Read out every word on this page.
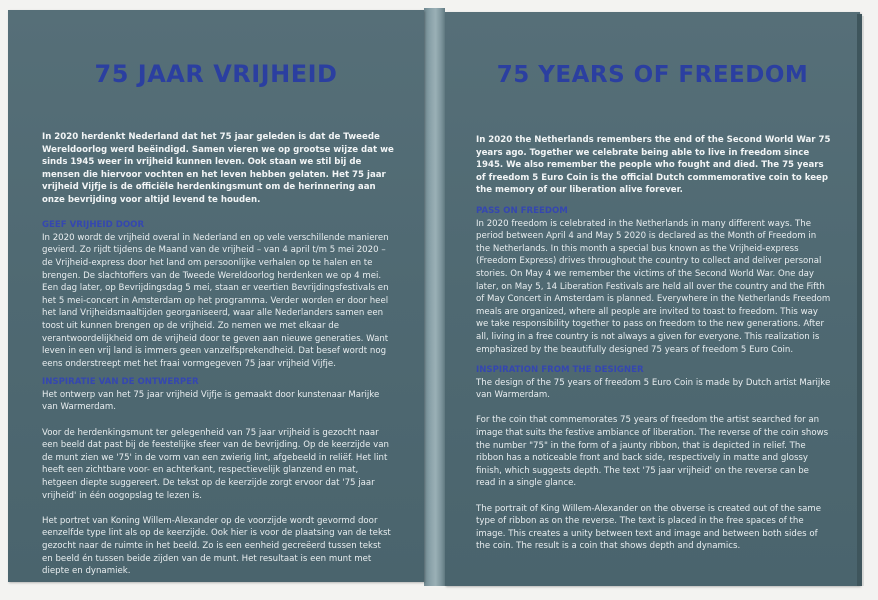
75 JAAR VRIJHEID

In 2020 herdenkt Nederland dat het 75 jaar geleden is dat de Tweede Wereldoorlog werd beëindigd. Samen vieren we op grootse wijze dat we sinds 1945 weer in vrijheid kunnen leven. Ook staan we stil bij de mensen die hiervoor vochten en het leven hebben gelaten. Het 75 jaar vrijheid Vijfje is de officiële herdenkingsmunt om de herinnering aan onze bevrijding voor altijd levend te houden.

GEEF VRIJHEID DOOR

In 2020 wordt de vrijheid overal in Nederland en op vele verschillende manieren gevierd. Zo rijdt tijdens de Maand van de vrijheid – van 4 april t/m 5 mei 2020 – de Vrijheid-express door het land om persoonlijke verhalen op te halen en te brengen. De slachtoffers van de Tweede Wereldoorlog herdenken we op 4 mei. Een dag later, op Bevrijdingsdag 5 mei, staan er veertien Bevrijdingsfestivals en het 5 mei-concert in Amsterdam op het programma. Verder worden er door heel het land Vrijheidsmaaltijden georganiseerd, waar alle Nederlanders samen een toost uit kunnen brengen op de vrijheid. Zo nemen we met elkaar de verantwoordelijkheid om de vrijheid door te geven aan nieuwe generaties. Want leven in een vrij land is immers geen vanzelfsprekendheid. Dat besef wordt nog eens onderstreept met het fraai vormgegeven 75 jaar vrijheid Vijfje.

INSPIRATIE VAN DE ONTWERPER

Het ontwerp van het 75 jaar vrijheid Vijfje is gemaakt door kunstenaar Marijke van Warmerdam.

Voor de herdenkingsmunt ter gelegenheid van 75 jaar vrijheid is gezocht naar een beeld dat past bij de feestelijke sfeer van de bevrijding. Op de keerzijde van de munt zien we '75' in de vorm van een zwierig lint, afgebeeld in reliëf. Het lint heeft een zichtbare voor- en achterkant, respectievelijk glanzend en mat, hetgeen diepte suggereert. De tekst op de keerzijde zorgt ervoor dat '75 jaar vrijheid' in één oogopslag te lezen is.

Het portret van Koning Willem-Alexander op de voorzijde wordt gevormd door eenzelfde type lint als op de keerzijde. Ook hier is voor de plaatsing van de tekst gezocht naar de ruimte in het beeld. Zo is een eenheid gecreëerd tussen tekst en beeld én tussen beide zijden van de munt. Het resultaat is een munt met diepte en dynamiek.

75 YEARS OF FREEDOM

In 2020 the Netherlands remembers the end of the Second World War 75 years ago. Together we celebrate being able to live in freedom since 1945. We also remember the people who fought and died. The 75 years of freedom 5 Euro Coin is the official Dutch commemorative coin to keep the memory of our liberation alive forever.

PASS ON FREEDOM

In 2020 freedom is celebrated in the Netherlands in many different ways. The period between April 4 and May 5 2020 is declared as the Month of Freedom in the Netherlands. In this month a special bus known as the Vrijheid-express (Freedom Express) drives throughout the country to collect and deliver personal stories. On May 4 we remember the victims of the Second World War. One day later, on May 5, 14 Liberation Festivals are held all over the country and the Fifth of May Concert in Amsterdam is planned. Everywhere in the Netherlands Freedom meals are organized, where all people are invited to toast to freedom. This way we take responsibility together to pass on freedom to the new generations. After all, living in a free country is not always a given for everyone. This realization is emphasized by the beautifully designed 75 years of freedom 5 Euro Coin.

INSPIRATION FROM THE DESIGNER

The design of the 75 years of freedom 5 Euro Coin is made by Dutch artist Marijke van Warmerdam.

For the coin that commemorates 75 years of freedom the artist searched for an image that suits the festive ambiance of liberation. The reverse of the coin shows the number "75" in the form of a jaunty ribbon, that is depicted in relief. The ribbon has a noticeable front and back side, respectively in matte and glossy finish, which suggests depth. The text '75 jaar vrijheid' on the reverse can be read in a single glance.

The portrait of King Willem-Alexander on the obverse is created out of the same type of ribbon as on the reverse. The text is placed in the free spaces of the image. This creates a unity between text and image and between both sides of the coin. The result is a coin that shows depth and dynamics.
